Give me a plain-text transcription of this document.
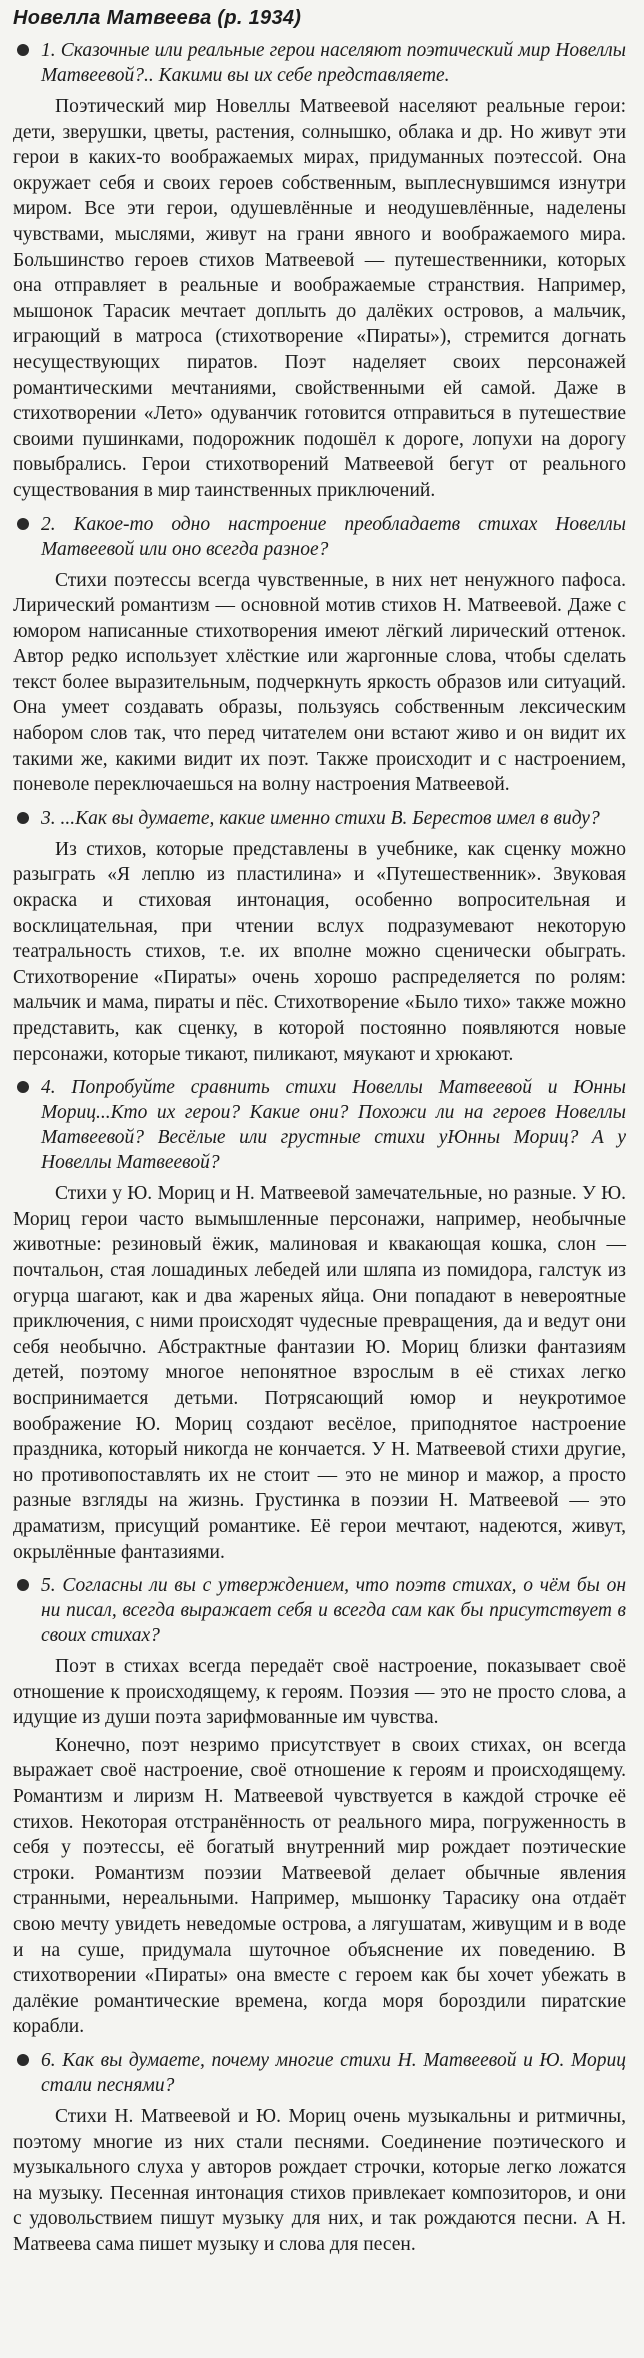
Новелла Матвеева (р. 1934)
1. Сказочные или реальные герои населяют поэтический мир Новеллы Матвеевой?.. Какими вы их себе представляете.

Поэтический мир Новеллы Матвеевой населяют реальные герои: дети, зверушки, цветы, растения, солнышко, облака и др. Но живут эти герои в каких-то воображаемых мирах, придуманных поэтессой. Она окружает себя и своих героев собственным, выплеснувшимся изнутри миром. Все эти герои, одушевлённые и неодушевлённые, наделены чувствами, мыслями, живут на грани явного и воображаемого мира. Большинство героев стихов Матвеевой — путешественники, которых она отправляет в реальные и воображаемые странствия. Например, мышонок Тарасик мечтает доплыть до далёких островов, а мальчик, играющий в матроса (стихотворение «Пираты»), стремится догнать несуществующих пиратов. Поэт наделяет своих персонажей романтическими мечтаниями, свойственными ей самой. Даже в стихотворении «Лето» одуванчик готовится отправиться в путешествие своими пушинками, подорожник подошёл к дороге, лопухи на дорогу повыбрались. Герои стихотворений Матвеевой бегут от реального существования в мир таинственных приключений.

2. Какое-то одно настроение преобладаетв стихах Новеллы Матвеевой или оно всегда разное?

Стихи поэтессы всегда чувственные, в них нет ненужного пафоса. Лирический романтизм — основной мотив стихов Н. Матвеевой. Даже с юмором написанные стихотворения имеют лёгкий лирический оттенок. Автор редко использует хлёсткие или жаргонные слова, чтобы сделать текст более выразительным, подчеркнуть яркость образов или ситуаций. Она умеет создавать образы, пользуясь собственным лексическим набором слов так, что перед читателем они встают живо и он видит их такими же, какими видит их поэт. Также происходит и с настроением, поневоле переключаешься на волну настроения Матвеевой.

3. ...Как вы думаете, какие именно стихи В. Берестов имел в виду?

Из стихов, которые представлены в учебнике, как сценку можно разыграть «Я леплю из пластилина» и «Путешественник». Звуковая окраска и стиховая интонация, особенно вопросительная и восклицательная, при чтении вслух подразумевают некоторую театральность стихов, т.е. их вполне можно сценически обыграть. Стихотворение «Пираты» очень хорошо распределяется по ролям: мальчик и мама, пираты и пёс. Стихотворение «Было тихо» также можно представить, как сценку, в которой постоянно появляются новые персонажи, которые тикают, пиликают, мяукают и хрюкают.

4. Попробуйте сравнить стихи Новеллы Матвеевой и Юнны Мориц...Кто их герои? Какие они? Похожи ли на героев Новеллы Матвеевой? Весёлые или грустные стихи уЮнны Мориц? А у Новеллы Матвеевой?

Стихи у Ю. Мориц и Н. Матвеевой замечательные, но разные. У Ю. Мориц герои часто вымышленные персонажи, например, необычные животные: резиновый ёжик, малиновая и квакающая кошка, слон — почтальон, стая лошадиных лебедей или шляпа из помидора, галстук из огурца шагают, как и два жареных яйца. Они попадают в невероятные приключения, с ними происходят чудесные превращения, да и ведут они себя необычно. Абстрактные фантазии Ю. Мориц близки фантазиям детей, поэтому многое непонятное взрослым в её стихах легко воспринимается детьми. Потрясающий юмор и неукротимое воображение Ю. Мориц создают весёлое, приподнятое настроение праздника, который никогда не кончается. У Н. Матвеевой стихи другие, но противопоставлять их не стоит — это не минор и мажор, а просто разные взгляды на жизнь. Грустинка в поэзии Н. Матвеевой — это драматизм, присущий романтике. Её герои мечтают, надеются, живут, окрылённые фантазиями.

5. Согласны ли вы с утверждением, что поэтв стихах, о чём бы он ни писал, всегда выражает себя и всегда сам как бы присутствует в своих стихах?

Поэт в стихах всегда передаёт своё настроение, показывает своё отношение к происходящему, к героям. Поэзия — это не просто слова, а идущие из души поэта зарифмованные им чувства.

Конечно, поэт незримо присутствует в своих стихах, он всегда выражает своё настроение, своё отношение к героям и происходящему. Романтизм и лиризм Н. Матвеевой чувствуется в каждой строчке её стихов. Некоторая отстранённость от реального мира, погруженность в себя у поэтессы, её богатый внутренний мир рождает поэтические строки. Романтизм поэзии Матвеевой делает обычные явления странными, нереальными. Например, мышонку Тарасику она отдаёт свою мечту увидеть неведомые острова, а лягушатам, живущим и в воде и на суше, придумала шуточное объяснение их поведению. В стихотворении «Пираты» она вместе с героем как бы хочет убежать в далёкие романтические времена, когда моря бороздили пиратские корабли.

6. Как вы думаете, почему многие стихи Н. Матвеевой и Ю. Мориц стали песнями?

Стихи Н. Матвеевой и Ю. Мориц очень музыкальны и ритмичны, поэтому многие из них стали песнями. Соединение поэтического и музыкального слуха у авторов рождает строчки, которые легко ложатся на музыку. Песенная интонация стихов привлекает композиторов, и они с удовольствием пишут музыку для них, и так рождаются песни. А Н. Матвеева сама пишет музыку и слова для песен.
